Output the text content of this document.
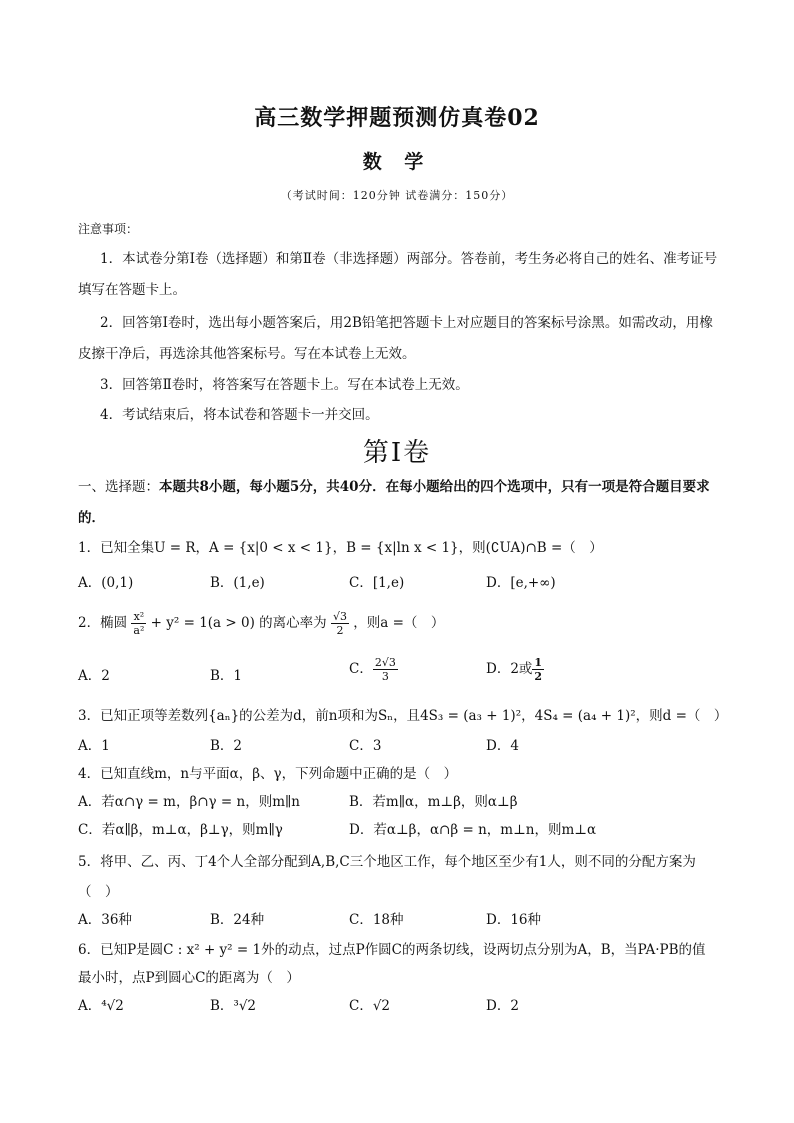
高三数学押题预测仿真卷02
数 学
（考试时间：120分钟 试卷满分：150分）
注意事项：
1．本试卷分第Ⅰ卷（选择题）和第Ⅱ卷（非选择题）两部分。答卷前，考生务必将自己的姓名、准考证号填写在答题卡上。
2．回答第Ⅰ卷时，选出每小题答案后，用2B铅笔把答题卡上对应题目的答案标号涂黑。如需改动，用橡皮擦干净后，再选涂其他答案标号。写在本试卷上无效。
3．回答第Ⅱ卷时，将答案写在答题卡上。写在本试卷上无效。
4．考试结束后，将本试卷和答题卡一并交回。
第Ⅰ卷
一、选择题：本题共8小题，每小题5分，共40分．在每小题给出的四个选项中，只有一项是符合题目要求的．
1．已知全集U = R，A = {x|0 < x < 1}，B = {x|ln x < 1}，则(∁UA)∩B =（　）
A．(0,1)	B．(1,e)	C．[1,e)	D．[e,+∞)
2．椭圆 $\frac{\text{x²}}{\text{a²}} + y^2 = 1(a > 0)$ 的离心率为 $\frac{√3}{2}$ ，则a =（　）
A．2	B．1	C． $\frac{2√3}{3}$	D．2或 $\frac{1}{2}$
3．已知正项等差数列{aₙ}的公差为d，前n项和为Sₙ，且4S₃ = (a₃ + 1)²，4S₄ = (a₄ + 1)²，则d =（　）
A．1	B．2	C．3	D．4
4．已知直线m，n与平面α，β、γ，下列命题中正确的是（　）
A．若α∩γ = m，β∩γ = n，则m∥n	B．若m∥α，m⊥β，则α⊥β
C．若α∥β，m⊥α，β⊥γ，则m∥γ	D．若α⊥β，α∩β = n，m⊥n，则m⊥α
5．将甲、乙、丙、丁4个人全部分配到A,B,C三个地区工作，每个地区至少有1人，则不同的分配方案为
（　）
A．36种	B．24种	C．18种	D．16种
6．已知P是圆C : x² + y² = 1外的动点，过点P作圆C的两条切线，设两切点分别为A，B，当PA·PB的值
最小时，点P到圆心C的距离为（　）
A．⁴√2	B．³√2	C．√2	D．2
